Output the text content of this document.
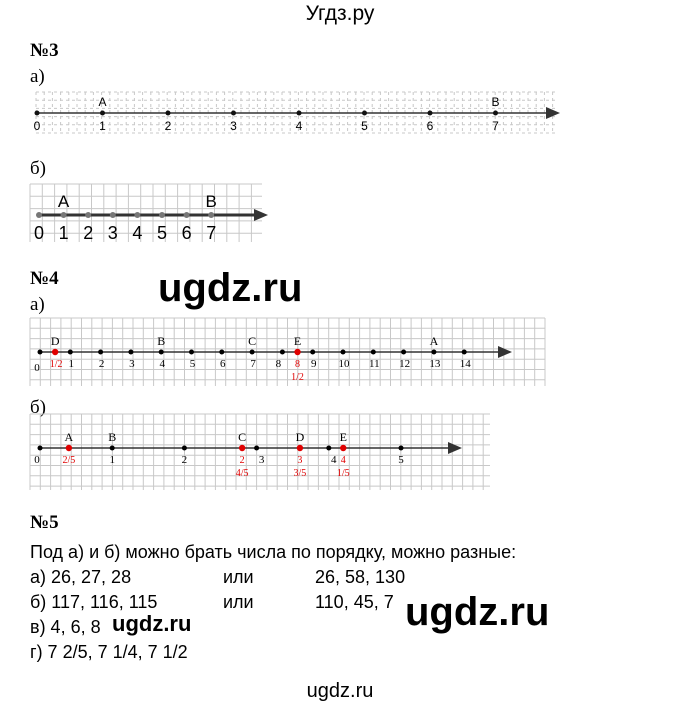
Угдз.ру
№3
а)
0	1	2	3	4	5	6	7
A	B
б)
0 1 2 3 4 5 6 7
A	B
№4
а)	ugdz.ru
0	1 2 3 4 5 6 7 8	9 10 11 12 13 14
D
1/2
B	C	E
8
1/2
A
б)
0	1	2	3	4	5
A
2/5
B	C
2
4/5
D
3
3/5
E
4
1/5
№5
Под а) и б) можно брать числа по порядку, можно разные:
а) 26, 27, 28	или	26, 58, 130
б) 117, 116, 115	или	110, 45, 7
в) 4, 6, 8 ugdz.ru	ugdz.ru
г) 7 2/5, 7 1/4, 7 1/2
ugdz.ru
